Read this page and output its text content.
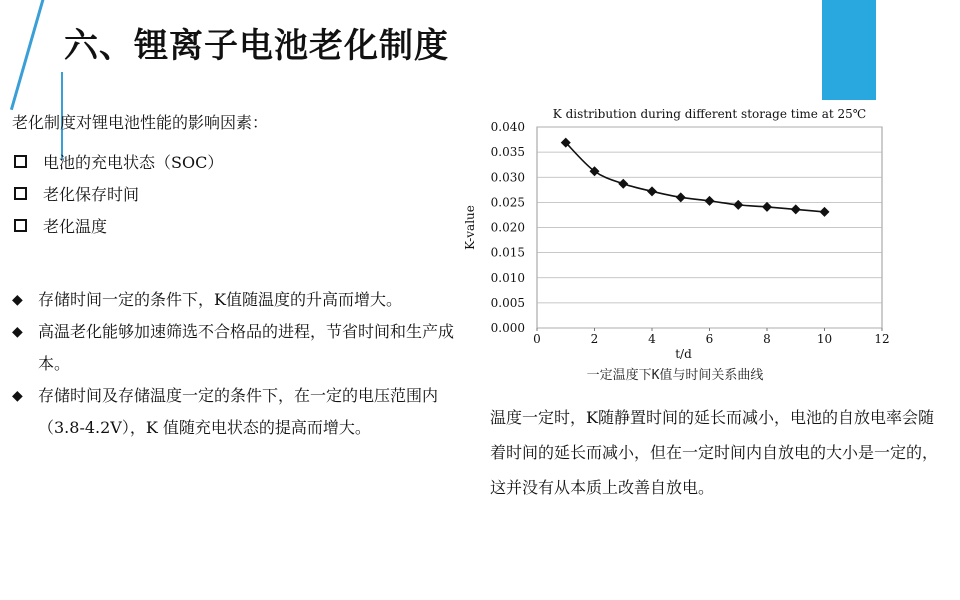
六、锂离子电池老化制度
老化制度对锂电池性能的影响因素：
电池的充电状态（SOC）
老化保存时间
老化温度
◆ 存储时间一定的条件下，K值随温度的升高而增大。
◆ 高温老化能够加速筛选不合格品的进程，节省时间和生产成本。
◆ 存储时间及存储温度一定的条件下，在一定的电压范围内（3.8-4.2V），K 值随充电状态的提高而增大。
K distribution during different storage time at 25℃
0.000
0.005
0.010
0.015
0.020
0.025
0.030
0.035
0.040
0	2	4	6	8	10	12
t/d
K-value
一定温度下K值与时间关系曲线
温度一定时，K随静置时间的延长而减小，电池的自放电率会随着时间的延长而减小，但在一定时间内自放电的大小是一定的，这并没有从本质上改善自放电。
